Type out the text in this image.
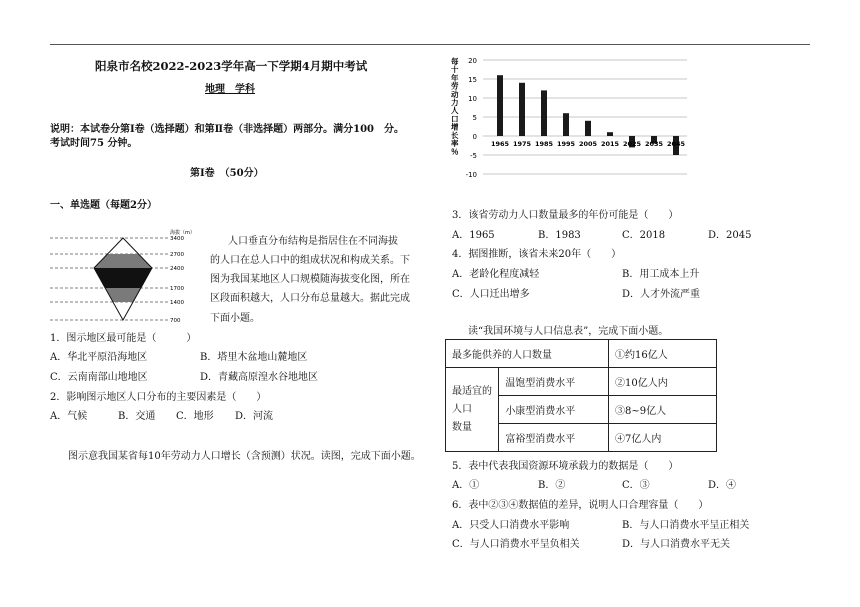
阳泉市名校2022-2023学年高一下学期4月期中考试
地理　学科
说明：本试卷分第Ⅰ卷（选择题）和第Ⅱ卷（非选择题）两部分。满分100　分。
考试时间75 分钟。
第Ⅰ卷　（50分）
一、单选题（每题2分）
海拔（m）
3400
2700
2400
1700
1400
700
人口垂直分布结构是指居住在不同海拔
的人口在总人口中的组成状况和构成关系。下
图为我国某地区人口规模随海拔变化图，所在
区段面积越大，人口分布总量越大。据此完成
下面小题。
1．图示地区最可能是（　　　）
A．华北平原沿海地区	B．塔里木盆地山麓地区
C．云南南部山地地区	D．青藏高原湟水谷地地区
2．影响图示地区人口分布的主要因素是（　　）
A．气候	B．交通 C．地形 D．河流
图示意我国某省每10年劳动力人口增长（含预测）状况。读图，完成下面小题。
每
十
年
劳
动
力
人
口
增
长
率
％
20
15
10
5
0
-5
-10
1965 1975 1985 1995 2005 2015 2025 2035 2045
3．该省劳动力人口数量最多的年份可能是（　　）
A．1965	B．1983	C．2018	D．2045
4．据图推断，该省未来20年（　　）
A．老龄化程度减轻	B．用工成本上升
C．人口迁出增多	D．人才外流严重
读“我国环境与人口信息表”，完成下面小题。
最多能供养的人口数量		①约16亿人

最适宜的
人口
数量	温饱型消费水平	②10亿人内
	小康型消费水平	③8~9亿人
	富裕型消费水平	④7亿人内
5．表中代表我国资源环境承载力的数据是（　　）
A．①	B．②	C．③	D．④
6．表中②③④数据值的差异，说明人口合理容量（　　）
A．只受人口消费水平影响	B．与人口消费水平呈正相关
C．与人口消费水平呈负相关	D．与人口消费水平无关
